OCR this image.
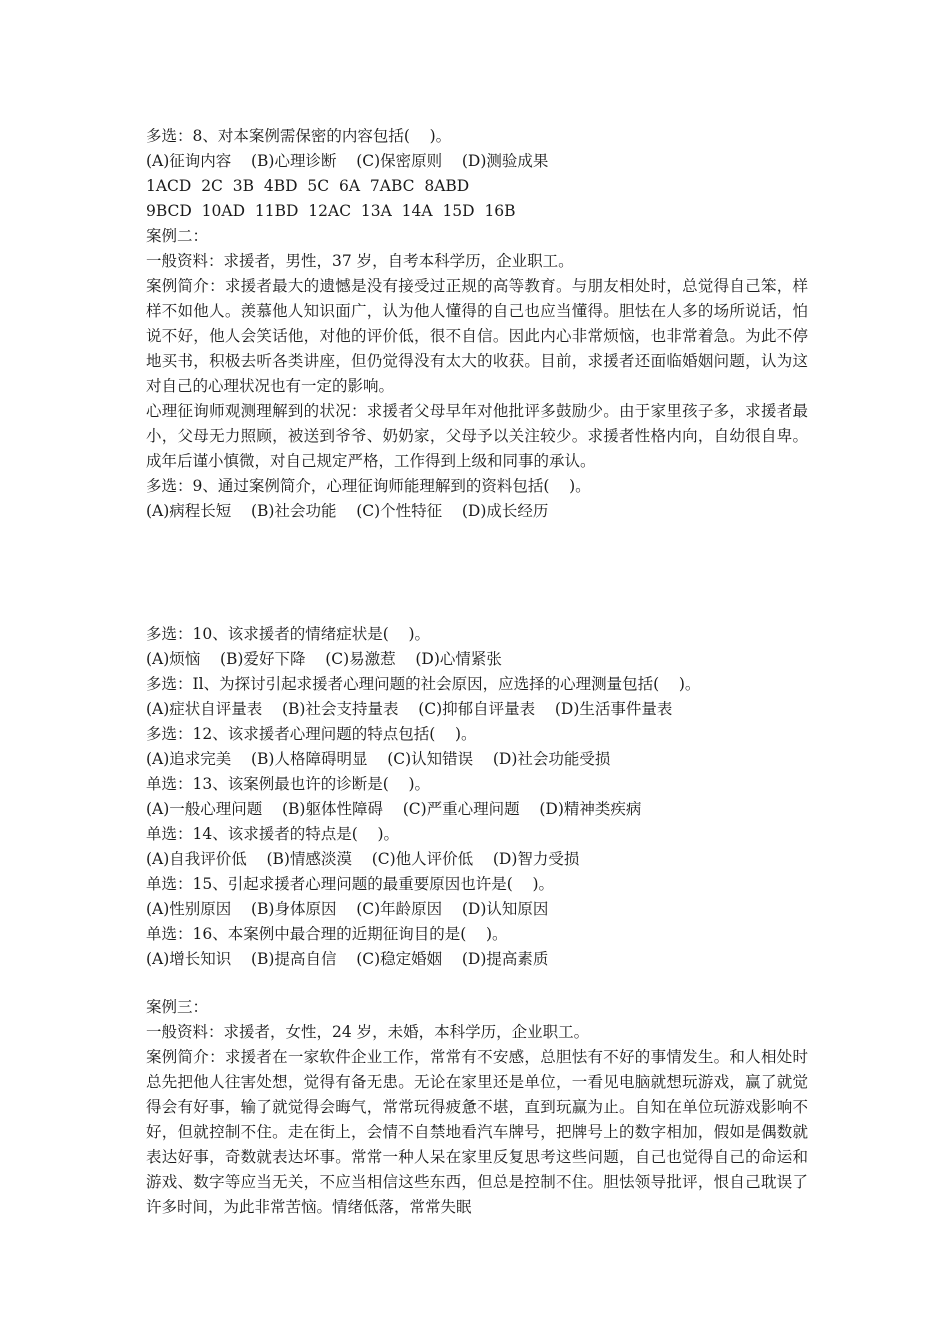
多选：8、对本案例需保密的内容包括(    )。

(A)征询内容    (B)心理诊断    (C)保密原则    (D)测验成果

1ACD  2C  3B  4BD  5C  6A  7ABC  8ABD

9BCD  10AD  11BD  12AC  13A  14A  15D  16B

案例二：

一般资料：求援者，男性，37 岁，自考本科学历，企业职工。

案例简介：求援者最大的遗憾是没有接受过正规的高等教育。与朋友相处时，总觉得自己笨，样样不如他人。羡慕他人知识面广，认为他人懂得的自己也应当懂得。胆怯在人多的场所说话，怕说不好，他人会笑话他，对他的评价低，很不自信。因此内心非常烦恼，也非常着急。为此不停地买书，积极去听各类讲座，但仍觉得没有太大的收获。目前，求援者还面临婚姻问题，认为这对自己的心理状况也有一定的影响。

心理征询师观测理解到的状况：求援者父母早年对他批评多鼓励少。由于家里孩子多，求援者最小，父母无力照顾，被送到爷爷、奶奶家，父母予以关注较少。求援者性格内向，自幼很自卑。成年后谨小慎微，对自己规定严格，工作得到上级和同事的承认。

多选：9、通过案例简介，心理征询师能理解到的资料包括(    )。

(A)病程长短    (B)社会功能    (C)个性特征    (D)成长经历

多选：10、该求援者的情绪症状是(    )。

(A)烦恼    (B)爱好下降    (C)易激惹    (D)心情紧张

多选：Il、为探讨引起求援者心理问题的社会原因，应选择的心理测量包括(    )。

(A)症状自评量表    (B)社会支持量表    (C)抑郁自评量表    (D)生活事件量表

多选：12、该求援者心理问题的特点包括(    )。

(A)追求完美    (B)人格障碍明显    (C)认知错误    (D)社会功能受损

单选：13、该案例最也许的诊断是(    )。

(A)一般心理问题    (B)躯体性障碍    (C)严重心理问题    (D)精神类疾病

单选：14、该求援者的特点是(    )。

(A)自我评价低    (B)情感淡漠    (C)他人评价低    (D)智力受损

单选：15、引起求援者心理问题的最重要原因也许是(    )。

(A)性别原因    (B)身体原因    (C)年龄原因    (D)认知原因

单选：16、本案例中最合理的近期征询目的是(    )。

(A)增长知识    (B)提高自信    (C)稳定婚姻    (D)提高素质

案例三：

一般资料：求援者，女性，24 岁，未婚，本科学历，企业职工。

案例简介：求援者在一家软件企业工作，常常有不安感，总胆怯有不好的事情发生。和人相处时总先把他人往害处想，觉得有备无患。无论在家里还是单位，一看见电脑就想玩游戏，赢了就觉得会有好事，输了就觉得会晦气，常常玩得疲惫不堪，直到玩赢为止。自知在单位玩游戏影响不好，但就控制不住。走在街上，会情不自禁地看汽车牌号，把牌号上的数字相加，假如是偶数就表达好事，奇数就表达坏事。常常一种人呆在家里反复思考这些问题，自己也觉得自己的命运和游戏、数字等应当无关，不应当相信这些东西，但总是控制不住。胆怯领导批评，恨自己耽误了许多时间，为此非常苦恼。情绪低落，常常失眠
